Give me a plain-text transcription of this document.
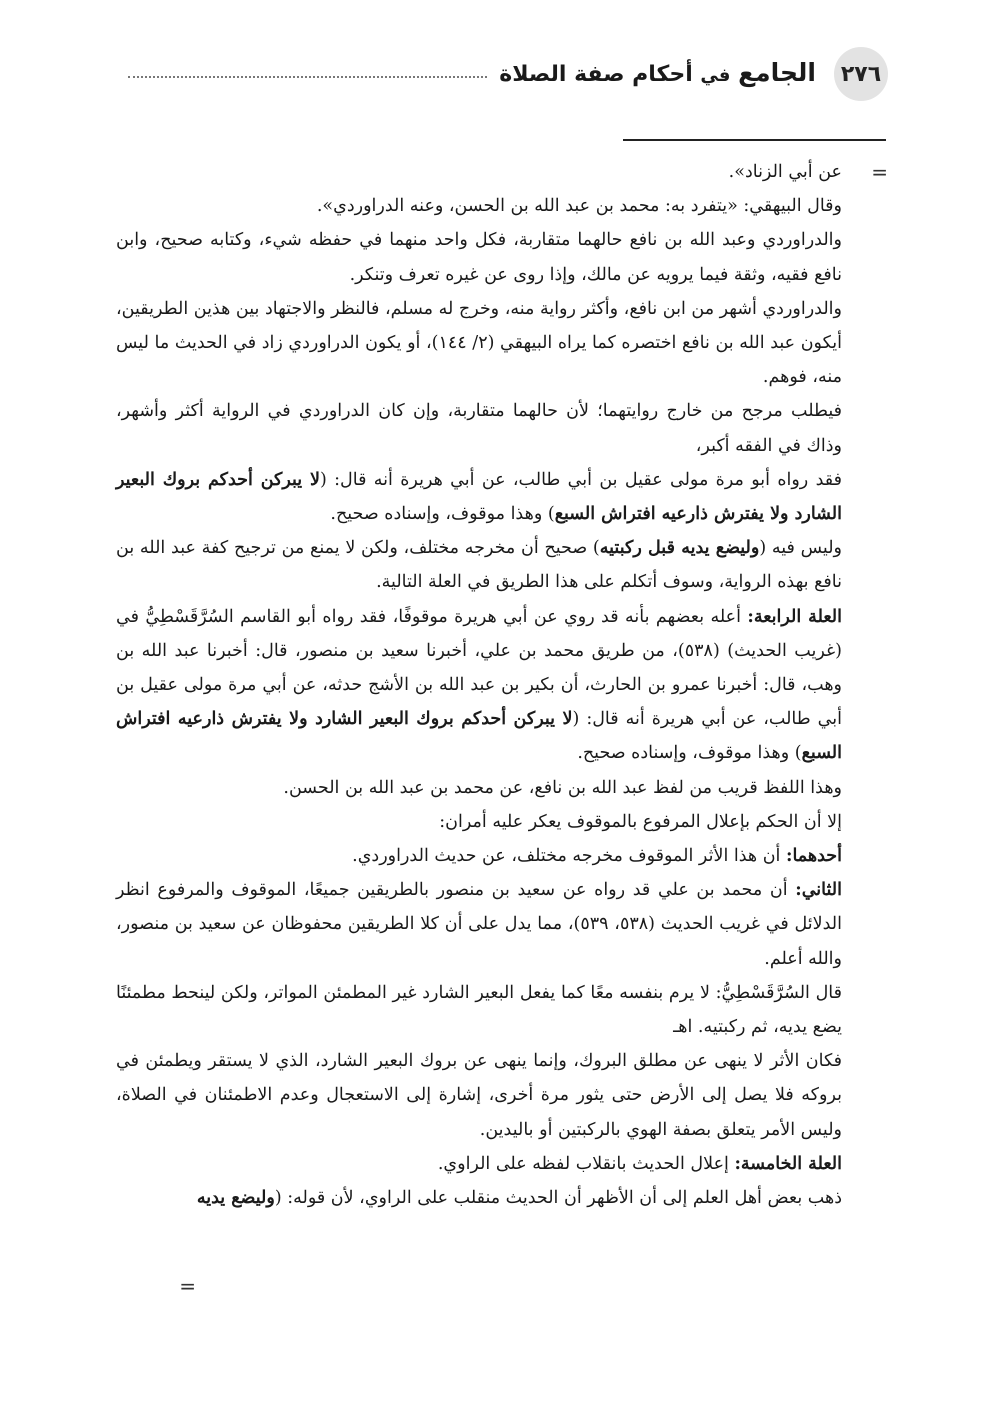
٢٧٦
الجامع في أحكام صفة الصلاة
=

عن أبي الزناد».

وقال البيهقي: «يتفرد به: محمد بن عبد الله بن الحسن، وعنه الدراوردي».

والدراوردي وعبد الله بن نافع حالهما متقاربة، فكل واحد منهما في حفظه شيء، وكتابه صحيح، وابن نافع فقيه، وثقة فيما يرويه عن مالك، وإذا روى عن غيره تعرف وتنكر.

والدراوردي أشهر من ابن نافع، وأكثر رواية منه، وخرج له مسلم، فالنظر والاجتهاد بين هذين الطريقين، أيكون عبد الله بن نافع اختصره كما يراه البيهقي (٢/ ١٤٤)، أو يكون الدراوردي زاد في الحديث ما ليس منه، فوهم.

فيطلب مرجح من خارج روايتهما؛ لأن حالهما متقاربة، وإن كان الدراوردي في الرواية أكثر وأشهر، وذاك في الفقه أكبر،

فقد رواه أبو مرة مولى عقيل بن أبي طالب، عن أبي هريرة أنه قال: (لا يبركن أحدكم بروك البعير الشارد ولا يفترش ذارعيه افتراش السبع) وهذا موقوف، وإسناده صحيح.

وليس فيه (وليضع يديه قبل ركبتيه) صحيح أن مخرجه مختلف، ولكن لا يمنع من ترجيح كفة عبد الله بن نافع بهذه الرواية، وسوف أتكلم على هذا الطريق في العلة التالية.

العلة الرابعة: أعله بعضهم بأنه قد روي عن أبي هريرة موقوفًا، فقد رواه أبو القاسم السُرَّقَسْطِيُّ في (غريب الحديث) (٥٣٨)، من طريق محمد بن علي، أخبرنا سعيد بن منصور، قال: أخبرنا عبد الله بن وهب، قال: أخبرنا عمرو بن الحارث، أن بكير بن عبد الله بن الأشج حدثه، عن أبي مرة مولى عقيل بن أبي طالب، عن أبي هريرة أنه قال: (لا يبركن أحدكم بروك البعير الشارد ولا يفترش ذارعيه افتراش السبع) وهذا موقوف، وإسناده صحيح.

وهذا اللفظ قريب من لفظ عبد الله بن نافع، عن محمد بن عبد الله بن الحسن.

إلا أن الحكم بإعلال المرفوع بالموقوف يعكر عليه أمران:

أحدهما: أن هذا الأثر الموقوف مخرجه مختلف، عن حديث الدراوردي.

الثاني: أن محمد بن علي قد رواه عن سعيد بن منصور بالطريقين جميعًا، الموقوف والمرفوع انظر الدلائل في غريب الحديث (٥٣٨، ٥٣٩)، مما يدل على أن كلا الطريقين محفوظان عن سعيد بن منصور، والله أعلم.

قال السُرَّقَسْطِيُّ: لا يرم بنفسه معًا كما يفعل البعير الشارد غير المطمئن المواتر، ولكن لينحط مطمئنًا يضع يديه، ثم ركبتيه. اهـ

فكان الأثر لا ينهى عن مطلق البروك، وإنما ينهى عن بروك البعير الشارد، الذي لا يستقر ويطمئن في بروكه فلا يصل إلى الأرض حتى يثور مرة أخرى، إشارة إلى الاستعجال وعدم الاطمئنان في الصلاة، وليس الأمر يتعلق بصفة الهوي بالركبتين أو باليدين.

العلة الخامسة: إعلال الحديث بانقلاب لفظه على الراوي.

ذهب بعض أهل العلم إلى أن الأظهر أن الحديث منقلب على الراوي، لأن قوله: (وليضع يديه

=
